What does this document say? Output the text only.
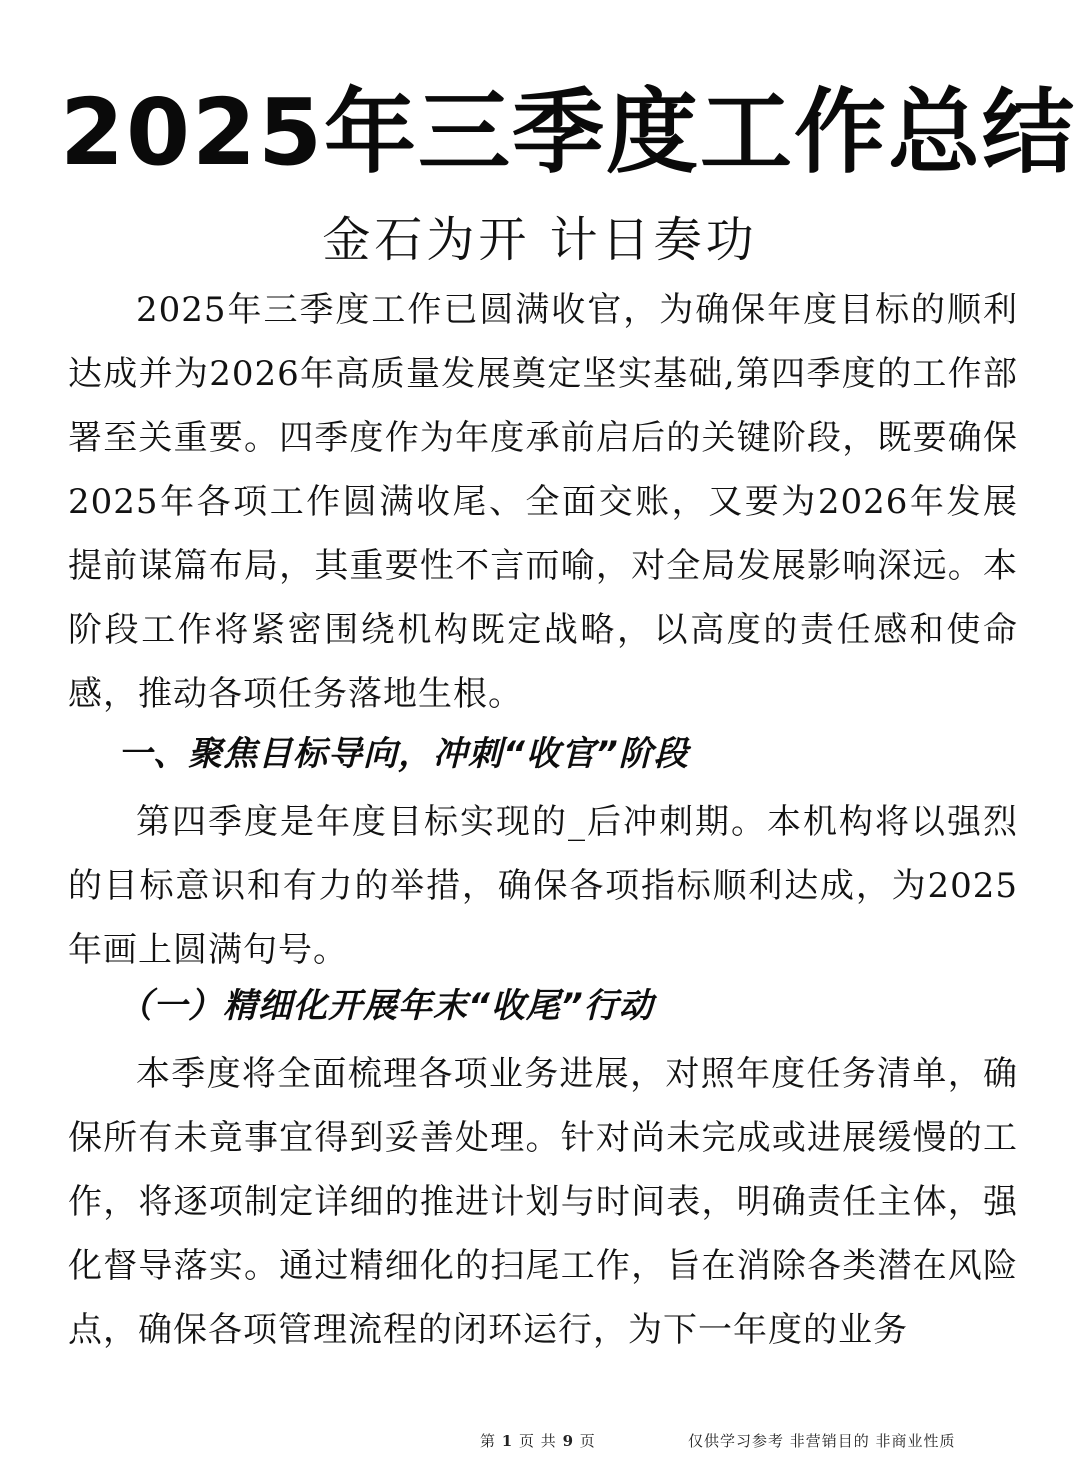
2025年三季度工作总结
金石为开 计日奏功

2025年三季度工作已圆满收官，为确保年度目标的顺利达成并为2026年高质量发展奠定坚实基础,第四季度的工作部署至关重要。四季度作为年度承前启后的关键阶段，既要确保2025年各项工作圆满收尾、全面交账，又要为2026年发展提前谋篇布局，其重要性不言而喻，对全局发展影响深远。本阶段工作将紧密围绕机构既定战略，以高度的责任感和使命感，推动各项任务落地生根。

一、聚焦目标导向，冲刺“收官”阶段

第四季度是年度目标实现的_后冲刺期。本机构将以强烈的目标意识和有力的举措，确保各项指标顺利达成，为2025年画上圆满句号。

（一）精细化开展年末“收尾”行动

本季度将全面梳理各项业务进展，对照年度任务清单，确保所有未竟事宜得到妥善处理。针对尚未完成或进展缓慢的工作，将逐项制定详细的推进计划与时间表，明确责任主体，强化督导落实。通过精细化的扫尾工作，旨在消除各类潜在风险点，确保各项管理流程的闭环运行，为下一年度的业务

第 1 页 共 9 页	仅供学习参考 非营销目的 非商业性质
